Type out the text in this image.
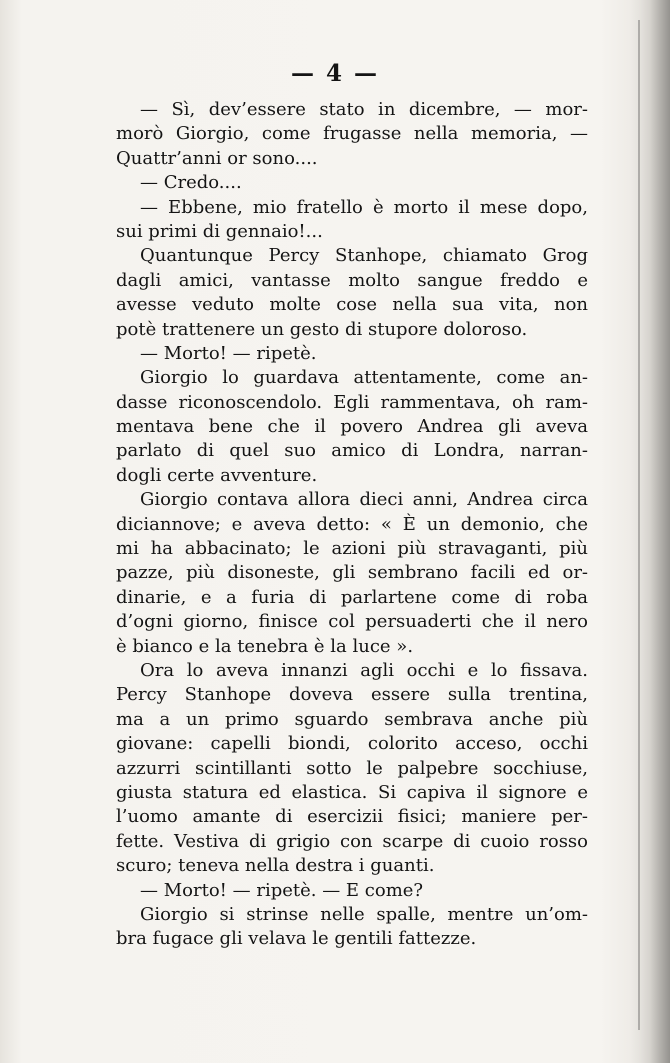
— 4 —
— Sì, dev’essere stato in dicembre, — mor-
morò Giorgio, come frugasse nella memoria, —
Quattr’anni or sono....
— Credo....
— Ebbene, mio fratello è morto il mese dopo,
sui primi di gennaio!...
Quantunque Percy Stanhope, chiamato Grog
dagli amici, vantasse molto sangue freddo e
avesse veduto molte cose nella sua vita, non
potè trattenere un gesto di stupore doloroso.
— Morto! — ripetè.
Giorgio lo guardava attentamente, come an-
dasse riconoscendolo. Egli rammentava, oh ram-
mentava bene che il povero Andrea gli aveva
parlato di quel suo amico di Londra, narran-
dogli certe avventure.
Giorgio contava allora dieci anni, Andrea circa
diciannove; e aveva detto: « È un demonio, che
mi ha abbacinato; le azioni più stravaganti, più
pazze, più disoneste, gli sembrano facili ed or-
dinarie, e a furia di parlartene come di roba
d’ogni giorno, finisce col persuaderti che il nero
è bianco e la tenebra è la luce ».
Ora lo aveva innanzi agli occhi e lo fissava.
Percy Stanhope doveva essere sulla trentina,
ma a un primo sguardo sembrava anche più
giovane: capelli biondi, colorito acceso, occhi
azzurri scintillanti sotto le palpebre socchiuse,
giusta statura ed elastica. Si capiva il signore e
l’uomo amante di esercizii fisici; maniere per-
fette. Vestiva di grigio con scarpe di cuoio rosso
scuro; teneva nella destra i guanti.
— Morto! — ripetè. — E come?
Giorgio si strinse nelle spalle, mentre un’om-
bra fugace gli velava le gentili fattezze.
